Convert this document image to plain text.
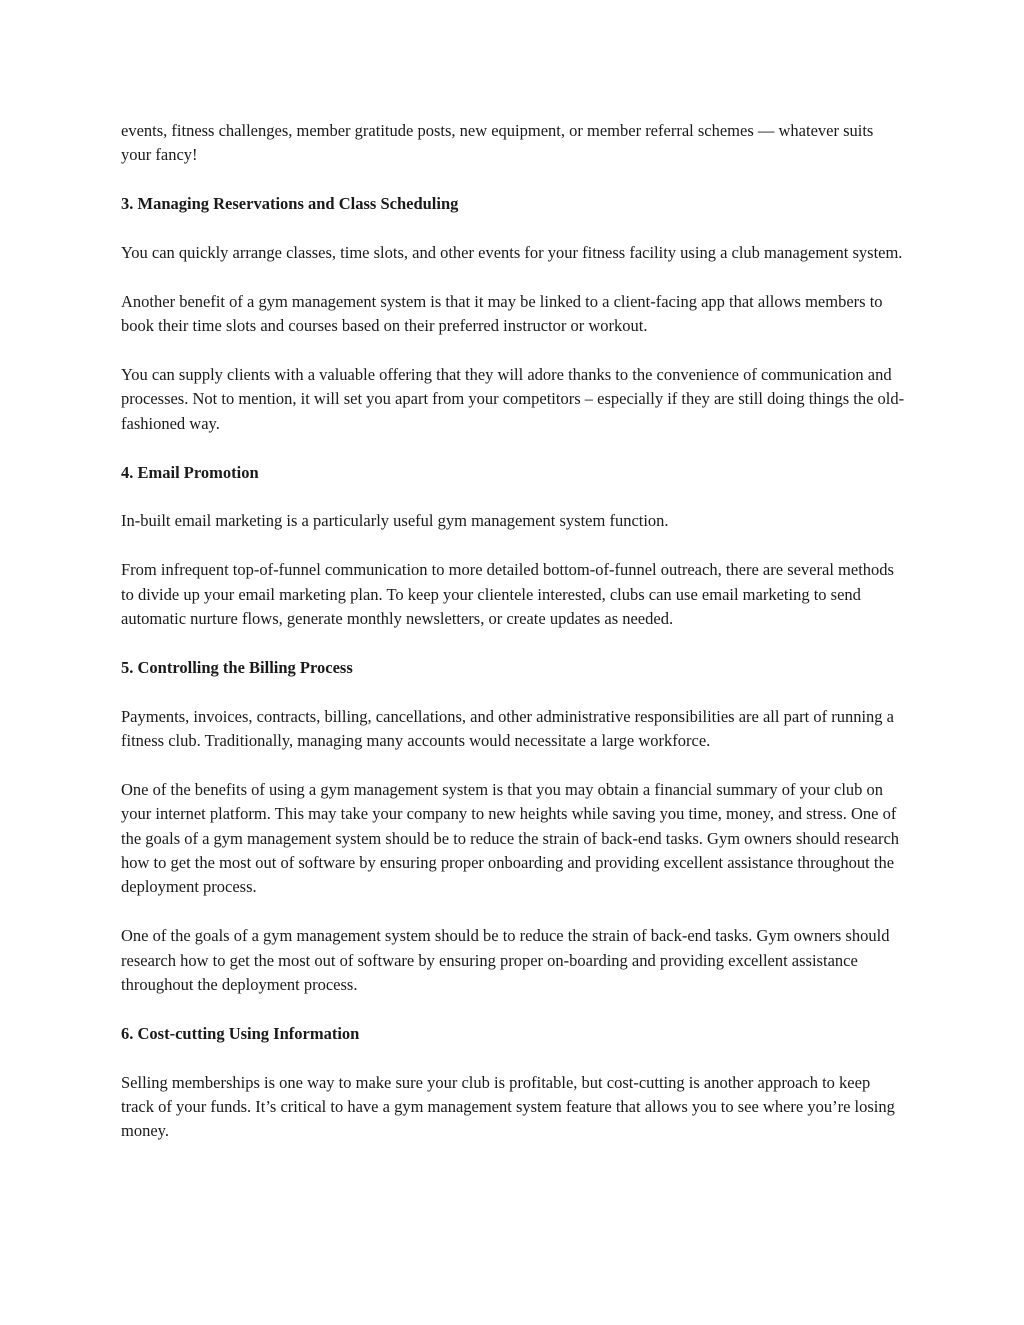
events, fitness challenges, member gratitude posts, new equipment, or member referral schemes — whatever suits your fancy!

3. Managing Reservations and Class Scheduling

You can quickly arrange classes, time slots, and other events for your fitness facility using a club management system.

Another benefit of a gym management system is that it may be linked to a client-facing app that allows members to book their time slots and courses based on their preferred instructor or workout.

You can supply clients with a valuable offering that they will adore thanks to the convenience of communication and processes. Not to mention, it will set you apart from your competitors – especially if they are still doing things the old-fashioned way.

4. Email Promotion

In-built email marketing is a particularly useful gym management system function.

From infrequent top-of-funnel communication to more detailed bottom-of-funnel outreach, there are several methods to divide up your email marketing plan. To keep your clientele interested, clubs can use email marketing to send automatic nurture flows, generate monthly newsletters, or create updates as needed.

5. Controlling the Billing Process

Payments, invoices, contracts, billing, cancellations, and other administrative responsibilities are all part of running a fitness club. Traditionally, managing many accounts would necessitate a large workforce.

One of the benefits of using a gym management system is that you may obtain a financial summary of your club on your internet platform. This may take your company to new heights while saving you time, money, and stress. One of the goals of a gym management system should be to reduce the strain of back-end tasks. Gym owners should research how to get the most out of software by ensuring proper onboarding and providing excellent assistance throughout the deployment process.

One of the goals of a gym management system should be to reduce the strain of back-end tasks. Gym owners should research how to get the most out of software by ensuring proper on-boarding and providing excellent assistance throughout the deployment process.

6. Cost-cutting Using Information

Selling memberships is one way to make sure your club is profitable, but cost-cutting is another approach to keep track of your funds. It’s critical to have a gym management system feature that allows you to see where you’re losing money.
